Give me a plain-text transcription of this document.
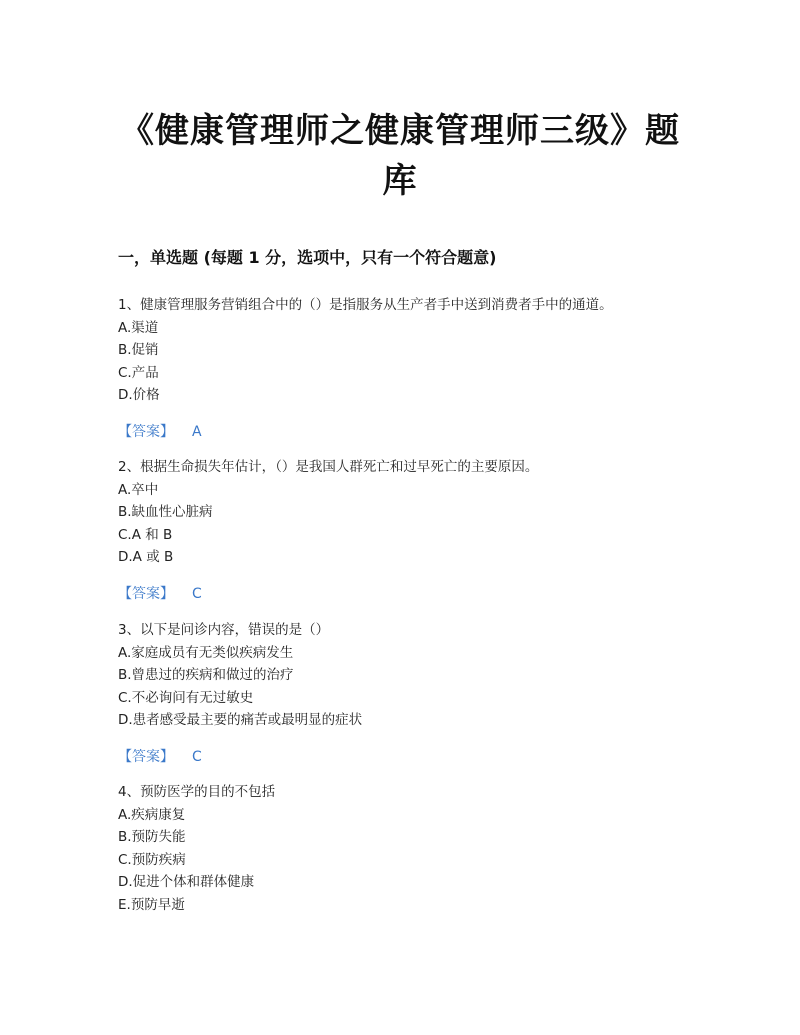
《健康管理师之健康管理师三级》题库
一，单选题 (每题 1 分，选项中，只有一个符合题意)
1、健康管理服务营销组合中的（）是指服务从生产者手中送到消费者手中的通道。
A.渠道
B.促销
C.产品
D.价格
【答案】 A
2、根据生命损失年估计，（）是我国人群死亡和过早死亡的主要原因。
A.卒中
B.缺血性心脏病
C.A 和 B
D.A 或 B
【答案】 C
3、以下是问诊内容，错误的是（）
A.家庭成员有无类似疾病发生
B.曾患过的疾病和做过的治疗
C.不必询问有无过敏史
D.患者感受最主要的痛苦或最明显的症状
【答案】 C
4、预防医学的目的不包括
A.疾病康复
B.预防失能
C.预防疾病
D.促进个体和群体健康
E.预防早逝
